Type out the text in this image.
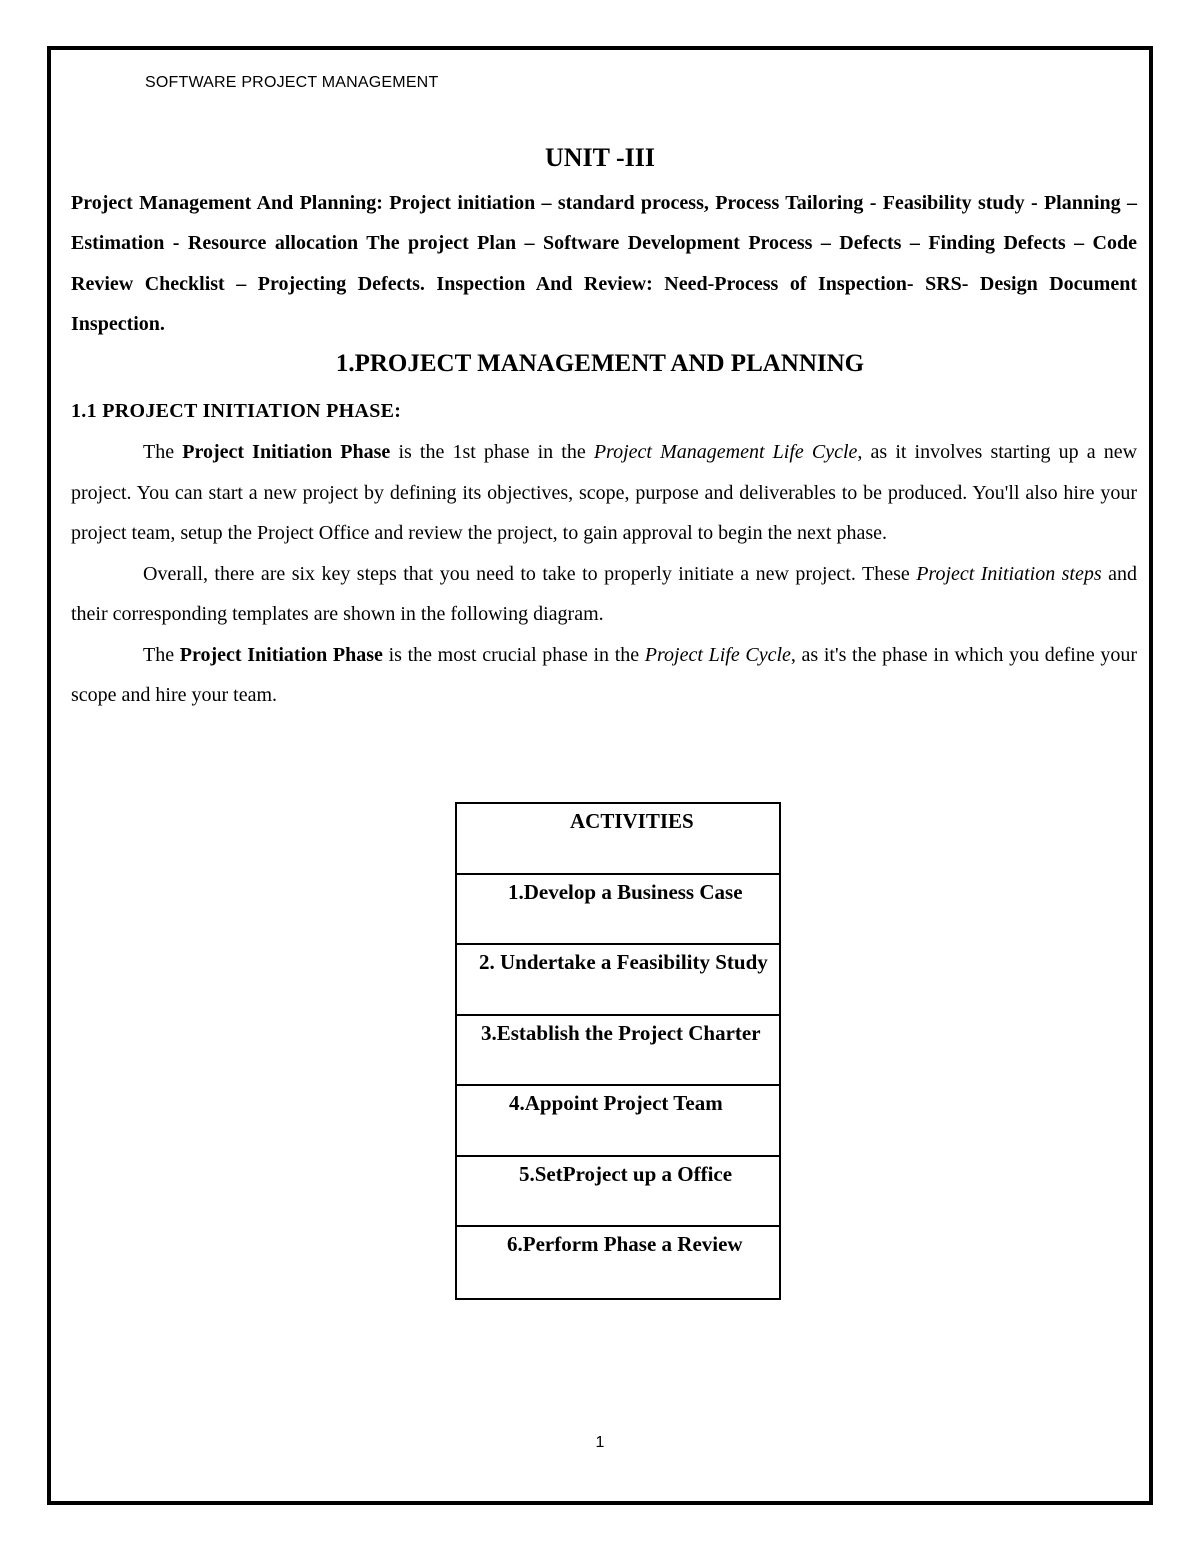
SOFTWARE PROJECT MANAGEMENT
UNIT -III
Project Management And Planning: Project initiation – standard process, Process Tailoring - Feasibility study - Planning – Estimation - Resource allocation The project Plan – Software Development Process – Defects – Finding Defects – Code Review Checklist – Projecting Defects. Inspection And Review: Need-Process of Inspection- SRS- Design Document Inspection.
1.PROJECT MANAGEMENT AND PLANNING
1.1 PROJECT INITIATION PHASE:

The Project Initiation Phase is the 1st phase in the Project Management Life Cycle, as it involves starting up a new project. You can start a new project by defining its objectives, scope, purpose and deliverables to be produced. You'll also hire your project team, setup the Project Office and review the project, to gain approval to begin the next phase.

Overall, there are six key steps that you need to take to properly initiate a new project. These Project Initiation steps and their corresponding templates are shown in the following diagram.

The Project Initiation Phase is the most crucial phase in the Project Life Cycle, as it's the phase in which you define your scope and hire your team.

ACTIVITIES
1.Develop a Business Case
2. Undertake a Feasibility Study
3.Establish the Project Charter
4.Appoint Project Team
5.SetProject up a Office
6.Perform Phase a Review
1
